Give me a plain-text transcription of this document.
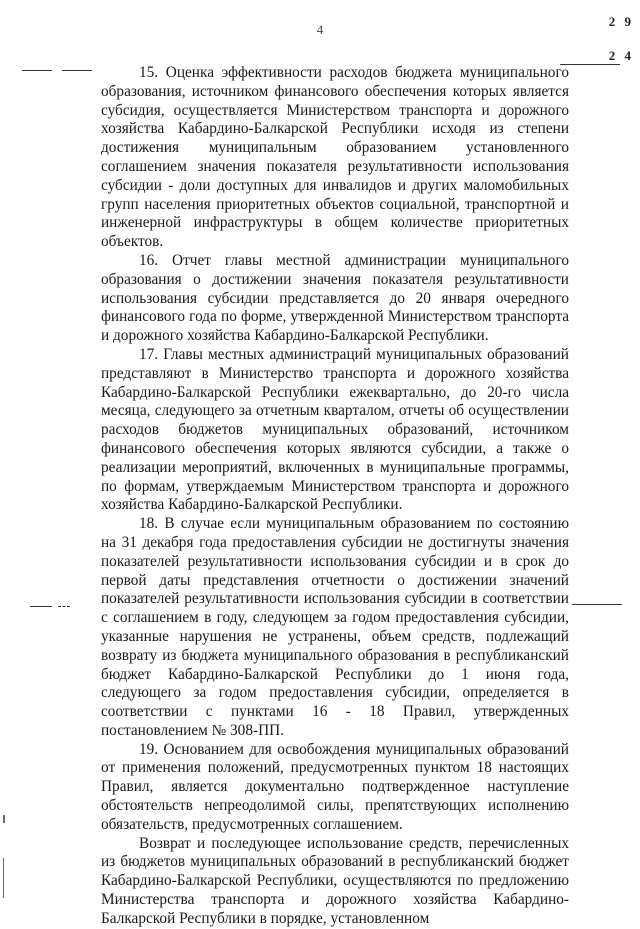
4
2 9
2 4

15. Оценка эффективности расходов бюджета муниципального образования, источником финансового обеспечения которых является субсидия, осуществляется Министерством транспорта и дорожного хозяйства Кабардино-Балкарской Республики исходя из степени достижения муниципальным образованием установленного соглашением значения показателя результативности использования субсидии - доли доступных для инвалидов и других маломобильных групп населения приоритетных объектов социальной, транспортной и инженерной инфраструктуры в общем количестве приоритетных объектов.

16. Отчет главы местной администрации муниципального образования о достижении значения показателя результативности использования субсидии представляется до 20 января очередного финансового года по форме, утвержденной Министерством транспорта и дорожного хозяйства Кабардино-Балкарской Республики.

17. Главы местных администраций муниципальных образований представляют в Министерство транспорта и дорожного хозяйства Кабардино-Балкарской Республики ежеквартально, до 20-го числа месяца, следующего за отчетным кварталом, отчеты об осуществлении расходов бюджетов муниципальных образований, источником финансового обеспечения которых являются субсидии, а также о реализации мероприятий, включенных в муниципальные программы, по формам, утверждаемым Министерством транспорта и дорожного хозяйства Кабардино-Балкарской Республики.

18. В случае если муниципальным образованием по состоянию на 31 декабря года предоставления субсидии не достигнуты значения показателей результативности использования субсидии и в срок до первой даты представления отчетности о достижении значений показателей результативности использования субсидии в соответствии с соглашением в году, следующем за годом предоставления субсидии, указанные нарушения не устранены, объем средств, подлежащий возврату из бюджета муниципального образования в республиканский бюджет Кабардино-Балкарской Республики до 1 июня года, следующего за годом предоставления субсидии, определяется в соответствии с пунктами 16 - 18 Правил, утвержденных постановлением № 308-ПП.

19. Основанием для освобождения муниципальных образований от применения положений, предусмотренных пунктом 18 настоящих Правил, является документально подтвержденное наступление обстоятельств непреодолимой силы, препятствующих исполнению обязательств, предусмотренных соглашением.

Возврат и последующее использование средств, перечисленных из бюджетов муниципальных образований в республиканский бюджет Кабардино-Балкарской Республики, осуществляются по предложению Министерства транспорта и дорожного хозяйства Кабардино-Балкарской Республики в порядке, установленном
